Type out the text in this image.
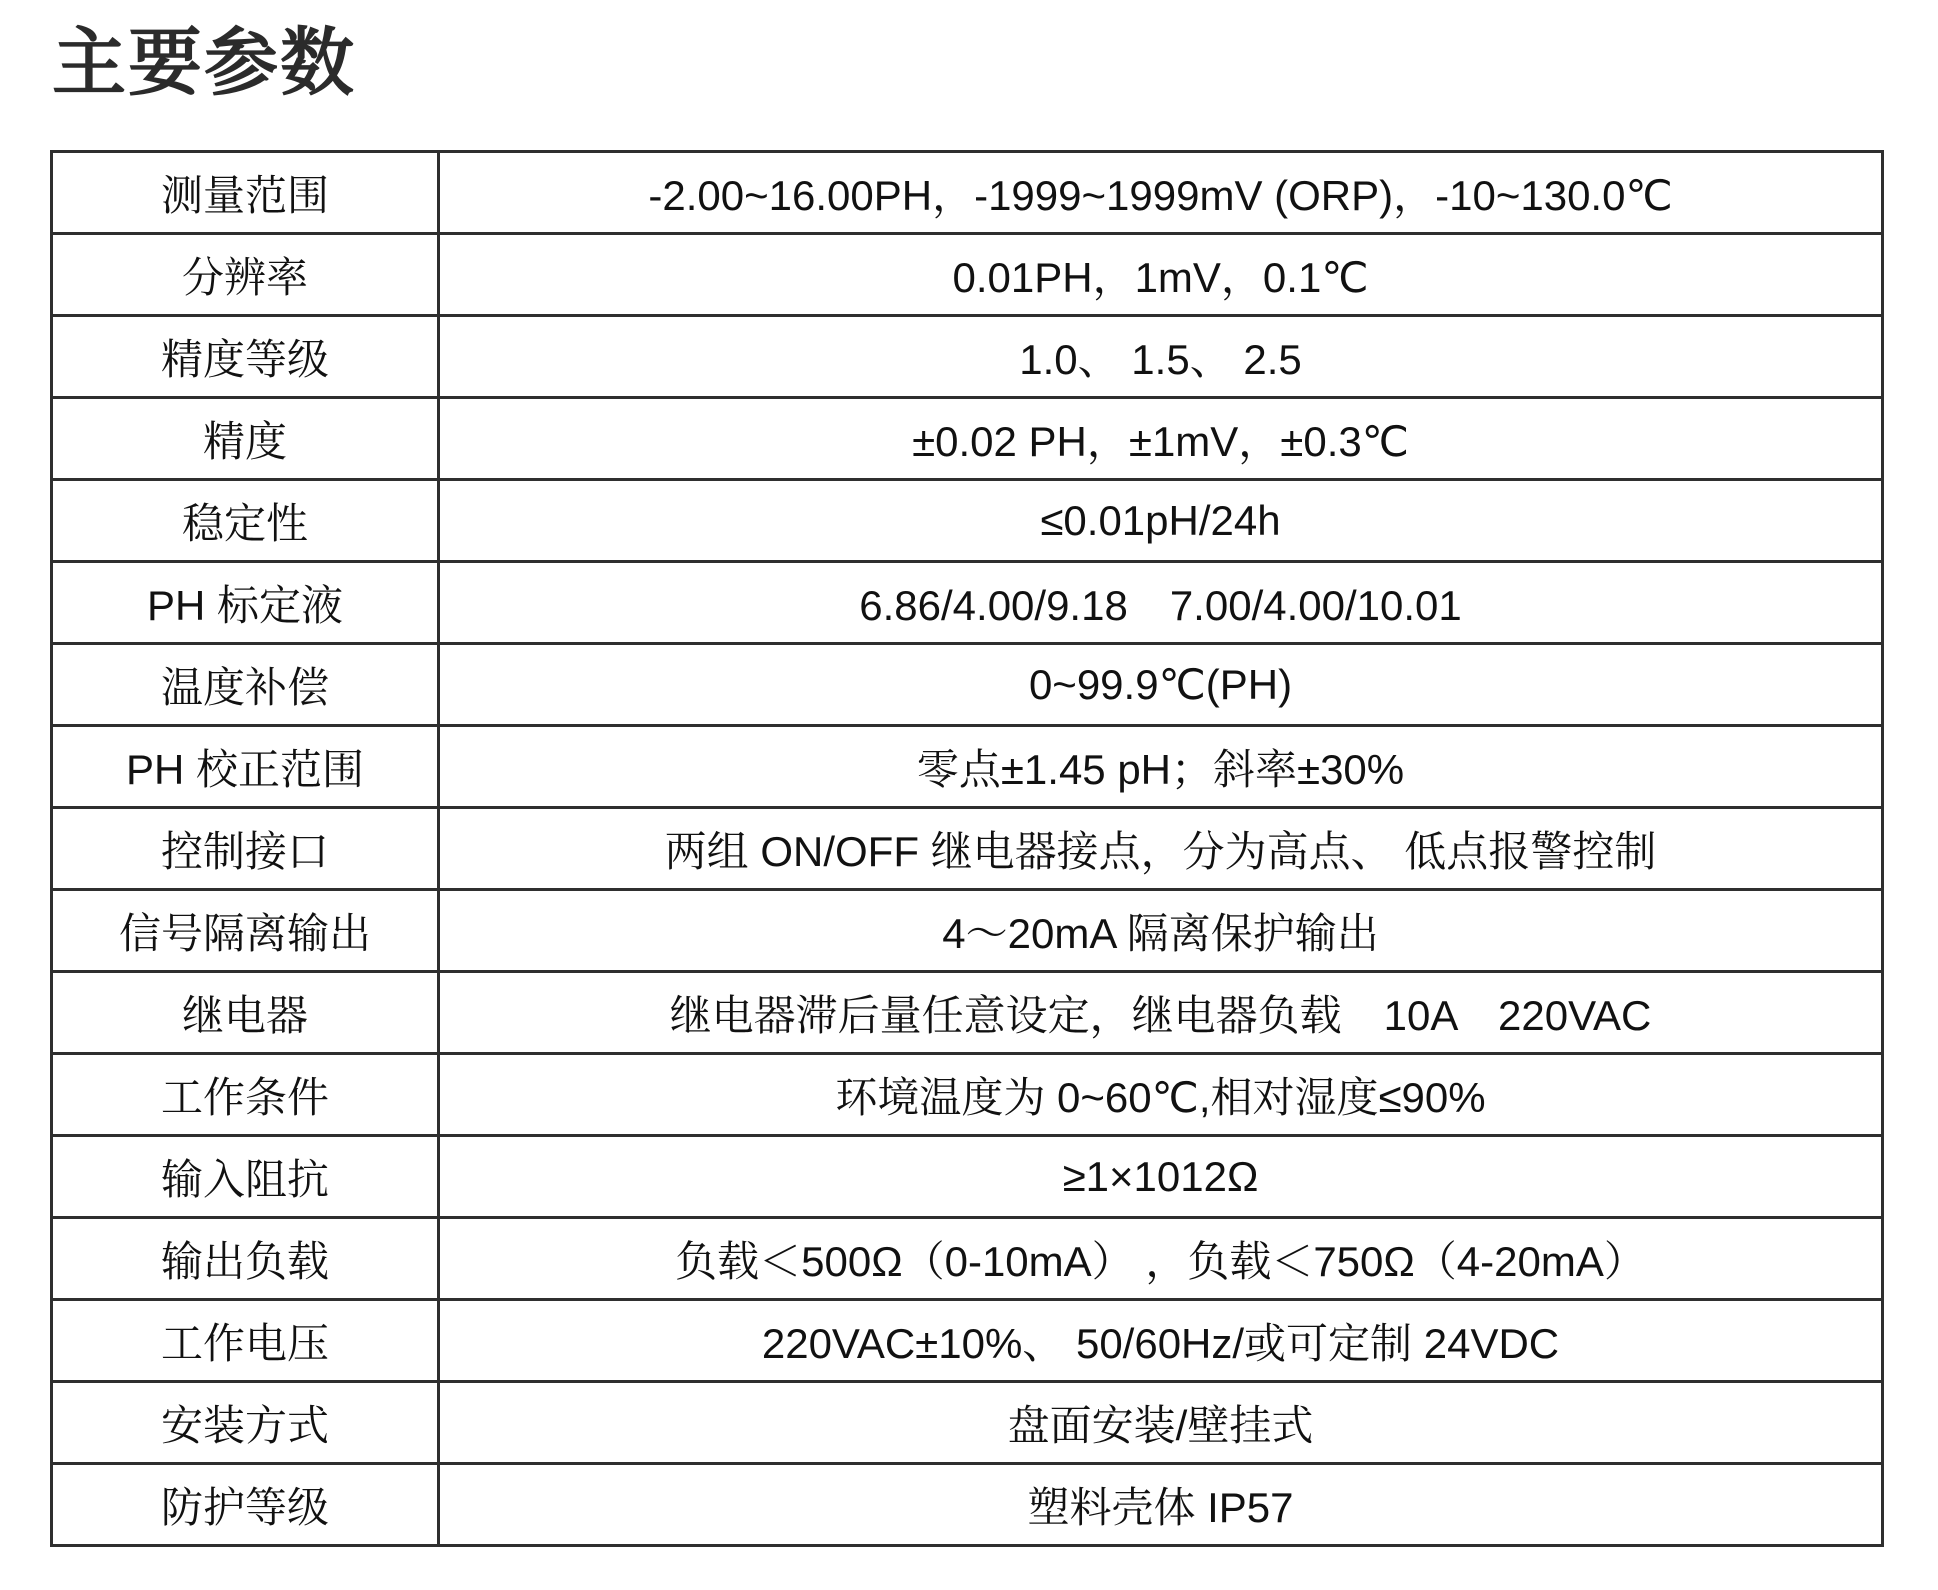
主要参数
测量范围	-2.00~16.00PH，-1999~1999mV (ORP)，-10~130.0℃
分辨率	0.01PH，1mV，0.1℃
精度等级	1.0、 1.5、 2.5
精度	±0.02 PH，±1mV，±0.3℃
稳定性	≤0.01pH/24h
PH 标定液	6.86/4.00/9.18　7.00/4.00/10.01
温度补偿	0~99.9℃(PH)
PH 校正范围	零点±1.45 pH；斜率±30%
控制接口	两组 ON/OFF 继电器接点，分为高点、 低点报警控制
信号隔离输出	4～20mA 隔离保护输出
继电器	继电器滞后量任意设定，继电器负载　10A　220VAC
工作条件	环境温度为 0~60℃,相对湿度≤90%
输入阻抗	≥1×1012Ω
输出负载	负载＜500Ω（0-10mA） ，负载＜750Ω（4-20mA）
工作电压	220VAC±10%、 50/60Hz/或可定制 24VDC
安装方式	盘面安装/壁挂式
防护等级	塑料壳体 IP57
